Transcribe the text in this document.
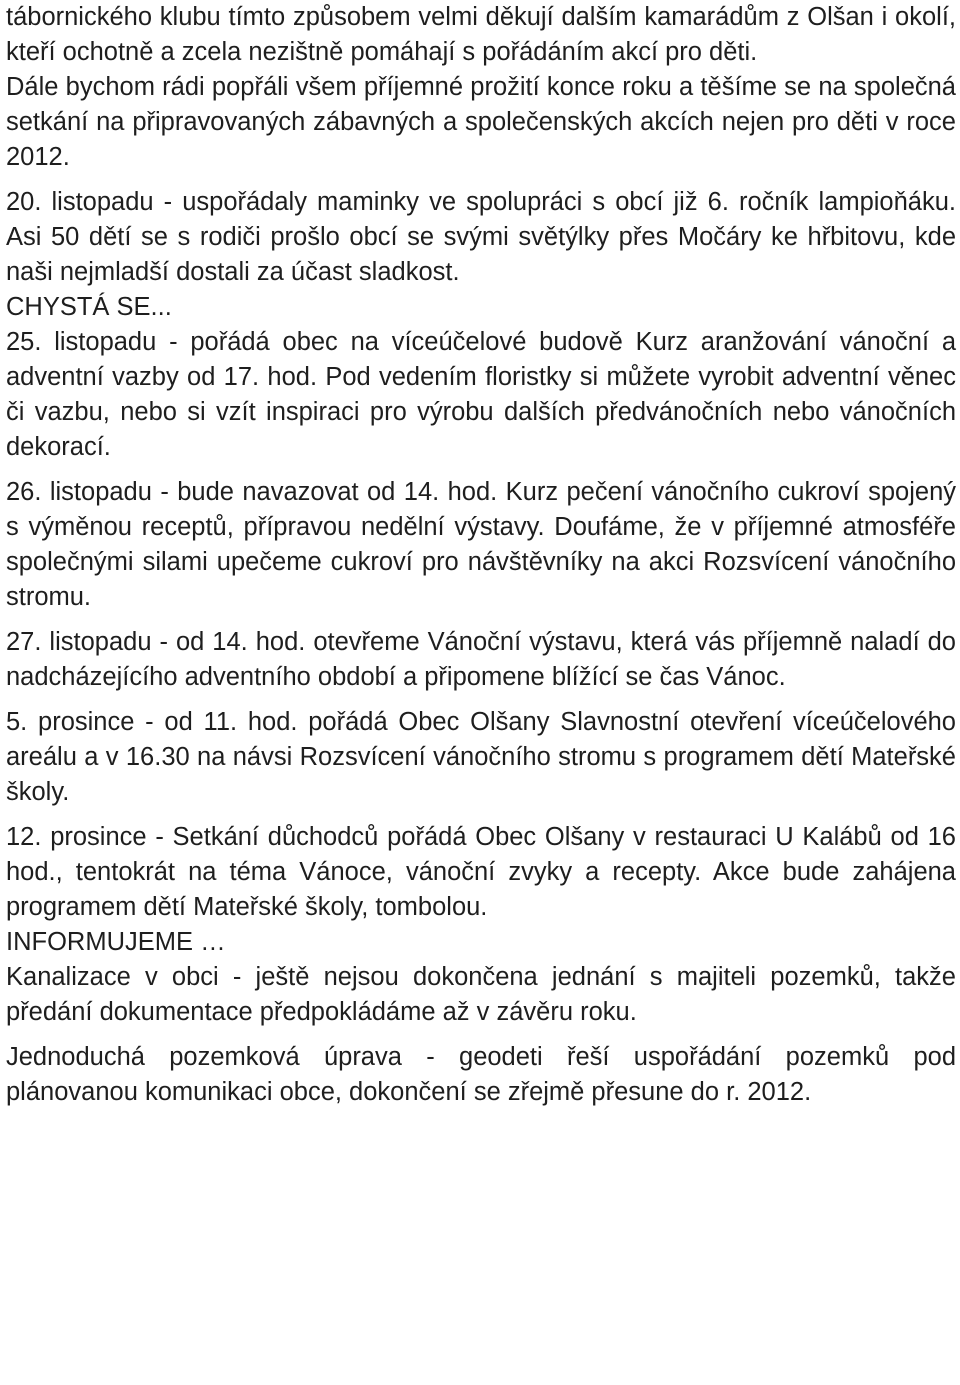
tábornického klubu tímto způsobem velmi děkují dalším kamarádům z Olšan i okolí, kteří ochotně a zcela nezištně pomáhají s pořádáním akcí pro děti.

Dále bychom rádi popřáli všem příjemné prožití konce roku a těšíme se na společná setkání na připravovaných zábavných a společenských akcích nejen pro děti v roce 2012.

20. listopadu - uspořádaly maminky ve spolupráci s obcí již 6. ročník lampioňáku. Asi 50 dětí se s rodiči prošlo obcí se svými světýlky přes Močáry ke hřbitovu, kde naši nejmladší dostali za účast sladkost.

CHYSTÁ SE...

25. listopadu - pořádá obec na víceúčelové budově Kurz aranžování vánoční a adventní vazby od 17. hod. Pod vedením floristky si můžete vyrobit adventní věnec či vazbu, nebo si vzít inspiraci pro výrobu dalších předvánočních nebo vánočních dekorací.

26. listopadu - bude navazovat od 14. hod. Kurz pečení vánočního cukroví spojený s výměnou receptů, přípravou nedělní výstavy. Doufáme, že v příjemné atmosféře společnými silami upečeme cukroví pro návštěvníky na akci Rozsvícení vánočního stromu.

27. listopadu - od 14. hod. otevřeme Vánoční výstavu, která vás příjemně naladí do nadcházejícího adventního období a připomene blížící se čas Vánoc.

5. prosince - od 11. hod. pořádá Obec Olšany Slavnostní otevření víceúčelového areálu a v 16.30 na návsi Rozsvícení vánočního stromu s programem dětí Mateřské školy.

12. prosince - Setkání důchodců pořádá Obec Olšany v restauraci U Kalábů od 16 hod., tentokrát na téma Vánoce, vánoční zvyky a recepty. Akce bude zahájena programem dětí Mateřské školy, tombolou.

INFORMUJEME …

Kanalizace v obci - ještě nejsou dokončena jednání s majiteli pozemků, takže předání dokumentace předpokládáme až v závěru roku.

Jednoduchá pozemková úprava - geodeti řeší uspořádání pozemků pod plánovanou komunikaci obce, dokončení se zřejmě přesune do r. 2012.
